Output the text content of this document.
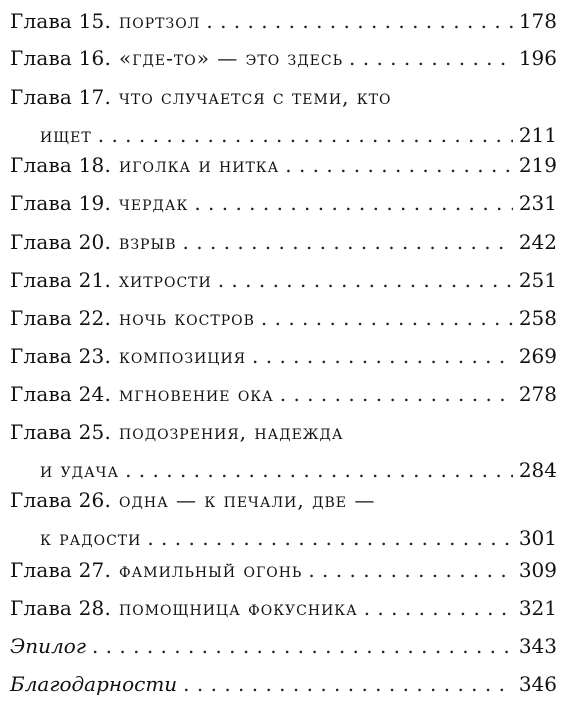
Глава 15. портзол . . .	178
Глава 16. «где-то» — это здесь . . .	196
Глава 17. что случается с теми, кто
ищет . . .	211
Глава 18. иголка и нитка . . .	219
Глава 19. чердак . . .	231
Глава 20. взрыв . . .	242
Глава 21. хитрости . . .	251
Глава 22. ночь костров . . .	258
Глава 23. композиция . . .	269
Глава 24. мгновение ока . . .	278
Глава 25. подозрения, надежда
и удача . . .	284
Глава 26. одна — к печали, две —
к радости . . .	301
Глава 27. фамильный огонь . . .	309
Глава 28. помощница фокусника . . .	321
Эпилог . . .	343
Благодарности . . .	346
